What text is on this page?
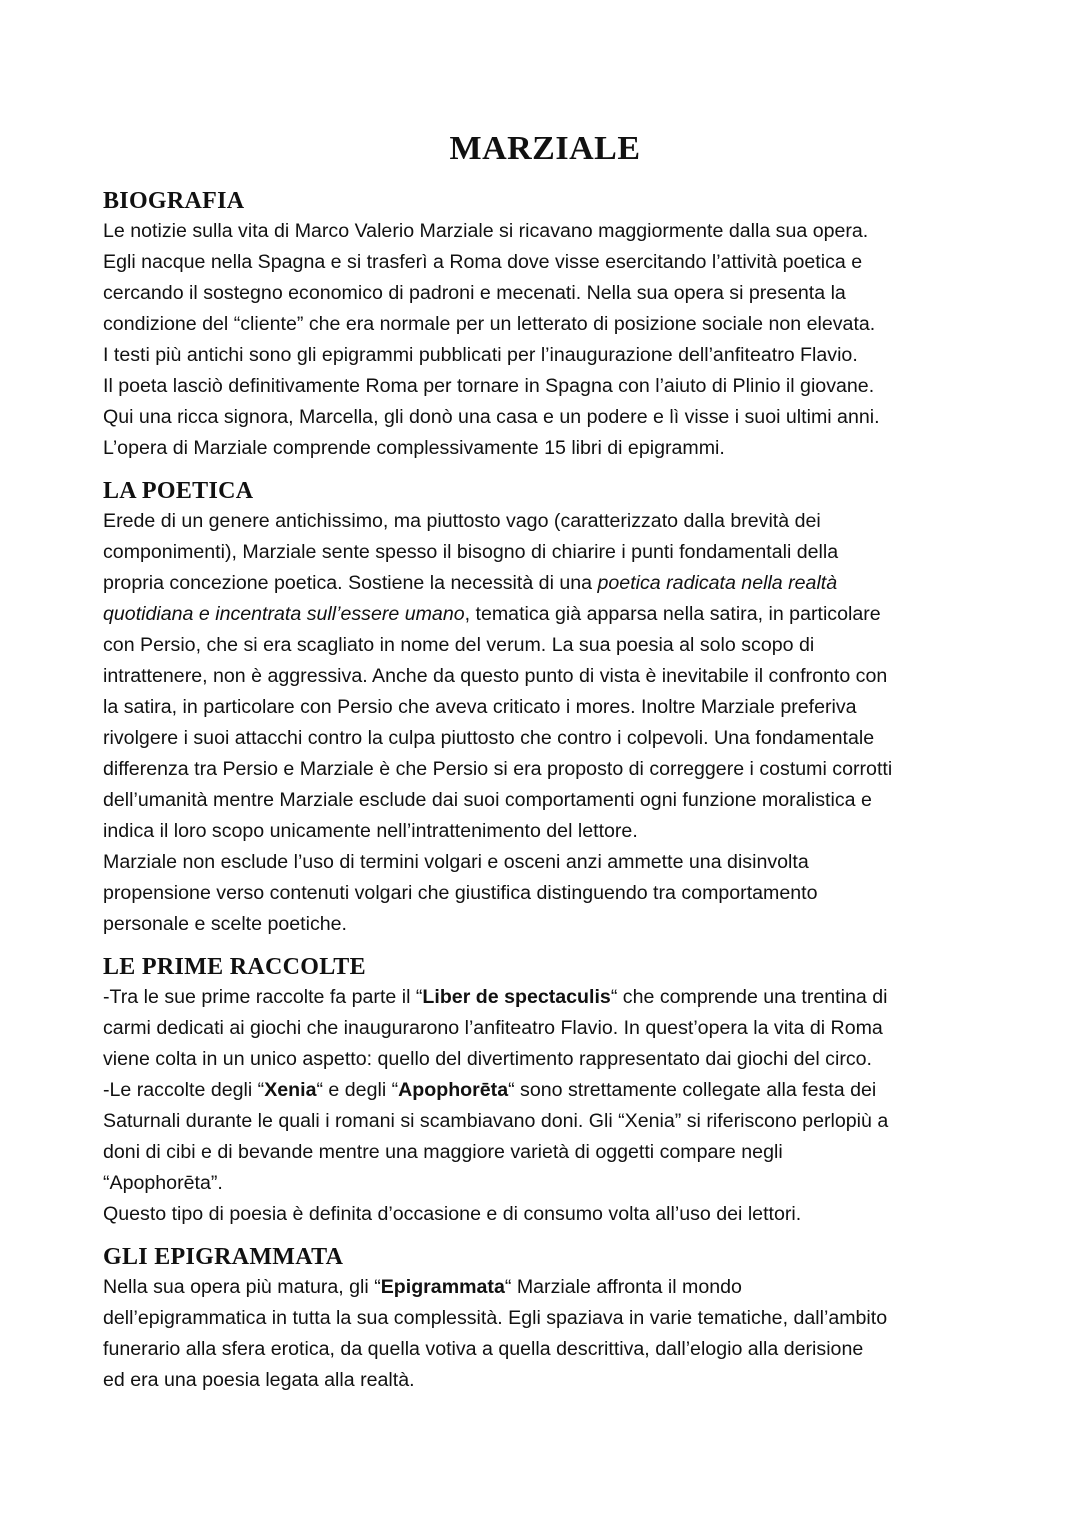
MARZIALE
BIOGRAFIA
Le notizie sulla vita di Marco Valerio Marziale si ricavano maggiormente dalla sua opera.
Egli nacque nella Spagna e si trasferì a Roma dove visse esercitando l’attività poetica e
cercando il sostegno economico di padroni e mecenati. Nella sua opera si presenta la
condizione del “cliente” che era normale per un letterato di posizione sociale non elevata.
I testi più antichi sono gli epigrammi pubblicati per l’inaugurazione dell’anfiteatro Flavio.
Il poeta lasciò definitivamente Roma per tornare in Spagna con l’aiuto di Plinio il giovane.
Qui una ricca signora, Marcella, gli donò una casa e un podere e lì visse i suoi ultimi anni.
L’opera di Marziale comprende complessivamente 15 libri di epigrammi.
LA POETICA
Erede di un genere antichissimo, ma piuttosto vago (caratterizzato dalla brevità dei
componimenti), Marziale sente spesso il bisogno di chiarire i punti fondamentali della
propria concezione poetica. Sostiene la necessità di una poetica radicata nella realtà
quotidiana e incentrata sull’essere umano, tematica già apparsa nella satira, in particolare
con Persio, che si era scagliato in nome del verum. La sua poesia al solo scopo di
intrattenere, non è aggressiva. Anche da questo punto di vista è inevitabile il confronto con
la satira, in particolare con Persio che aveva criticato i mores. Inoltre Marziale preferiva
rivolgere i suoi attacchi contro la culpa piuttosto che contro i colpevoli. Una fondamentale
differenza tra Persio e Marziale è che Persio si era proposto di correggere i costumi corrotti
dell’umanità mentre Marziale esclude dai suoi comportamenti ogni funzione moralistica e
indica il loro scopo unicamente nell’intrattenimento del lettore.
Marziale non esclude l’uso di termini volgari e osceni anzi ammette una disinvolta
propensione verso contenuti volgari che giustifica distinguendo tra comportamento
personale e scelte poetiche.
LE PRIME RACCOLTE
-Tra le sue prime raccolte fa parte il “Liber de spectaculis“ che comprende una trentina di
carmi dedicati ai giochi che inaugurarono l’anfiteatro Flavio. In quest’opera la vita di Roma
viene colta in un unico aspetto: quello del divertimento rappresentato dai giochi del circo.
-Le raccolte degli “Xenia“ e degli “Apophorēta“ sono strettamente collegate alla festa dei
Saturnali durante le quali i romani si scambiavano doni. Gli “Xenia” si riferiscono perlopiù a
doni di cibi e di bevande mentre una maggiore varietà di oggetti compare negli
“Apophorēta”.
Questo tipo di poesia è definita d’occasione e di consumo volta all’uso dei lettori.
GLI EPIGRAMMATA
Nella sua opera più matura, gli “Epigrammata“ Marziale affronta il mondo
dell’epigrammatica in tutta la sua complessità. Egli spaziava in varie tematiche, dall’ambito
funerario alla sfera erotica, da quella votiva a quella descrittiva, dall’elogio alla derisione
ed era una poesia legata alla realtà.
